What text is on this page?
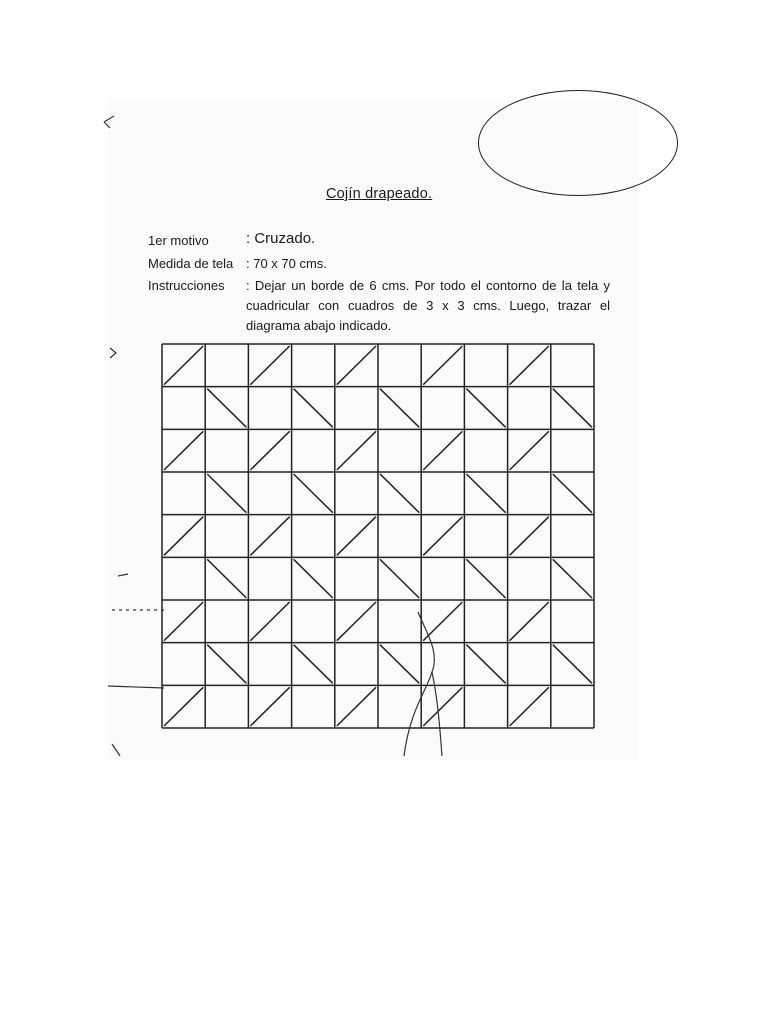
Cojín drapeado.
1er motivo : Cruzado.
Medida de tela : 70 x 70 cms.
Instrucciones : Dejar un borde de 6 cms. Por todo el contorno de la tela y cuadricular con cuadros de 3 x 3 cms. Luego, trazar el diagrama abajo indicado.
